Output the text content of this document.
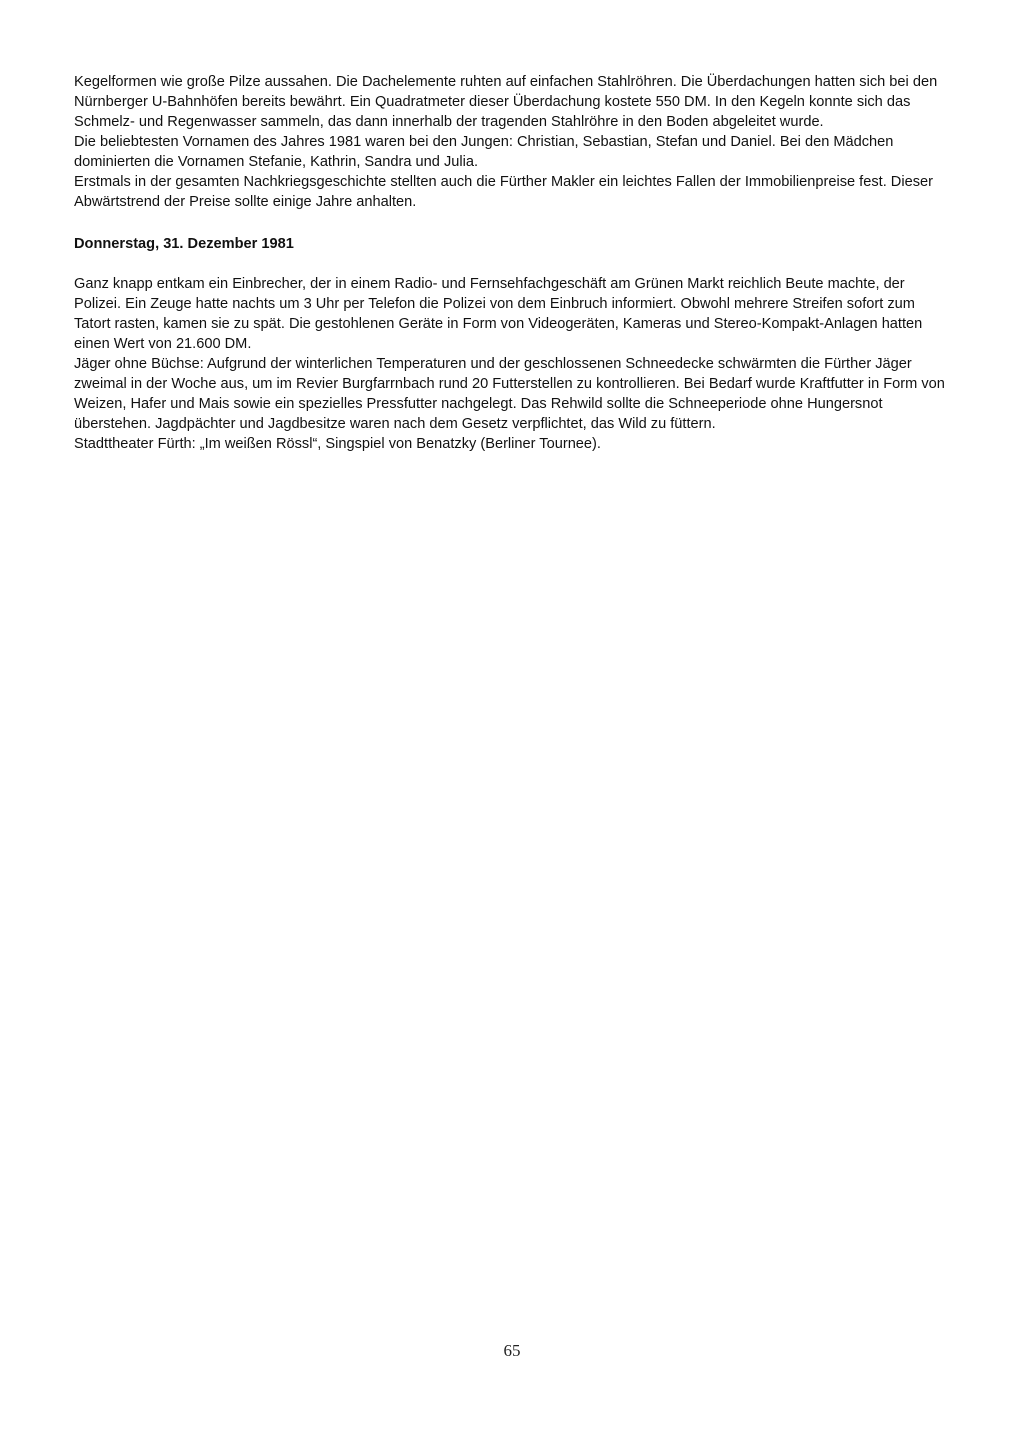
Kegelformen wie große Pilze aussahen. Die Dachelemente ruhten auf einfachen Stahlröhren. Die Überdachungen hatten sich bei den Nürnberger U-Bahnhöfen bereits bewährt. Ein Quadratmeter dieser Überdachung kostete 550 DM. In den Kegeln konnte sich das Schmelz- und Regenwasser sammeln, das dann innerhalb der tragenden Stahlröhre in den Boden abgeleitet wurde.

Die beliebtesten Vornamen des Jahres 1981 waren bei den Jungen: Christian, Sebastian, Stefan und Daniel. Bei den Mädchen dominierten die Vornamen Stefanie, Kathrin, Sandra und Julia.

Erstmals in der gesamten Nachkriegsgeschichte stellten auch die Fürther Makler ein leichtes Fallen der Immobilienpreise fest. Dieser Abwärtstrend der Preise sollte einige Jahre anhalten.

Donnerstag, 31. Dezember 1981

Ganz knapp entkam ein Einbrecher, der in einem Radio- und Fernsehfachgeschäft am Grünen Markt reichlich Beute machte, der Polizei. Ein Zeuge hatte nachts um 3 Uhr per Telefon die Polizei von dem Einbruch informiert. Obwohl mehrere Streifen sofort zum Tatort rasten, kamen sie zu spät. Die gestohlenen Geräte in Form von Videogeräten, Kameras und Stereo-Kompakt-Anlagen hatten einen Wert von 21.600 DM.

Jäger ohne Büchse: Aufgrund der winterlichen Temperaturen und der geschlossenen Schneedecke schwärmten die Fürther Jäger zweimal in der Woche aus, um im Revier Burgfarrnbach rund 20 Futterstellen zu kontrollieren. Bei Bedarf wurde Kraftfutter in Form von Weizen, Hafer und Mais sowie ein spezielles Pressfutter nachgelegt. Das Rehwild sollte die Schneeperiode ohne Hungersnot überstehen. Jagdpächter und Jagdbesitze waren nach dem Gesetz verpflichtet, das Wild zu füttern.

Stadttheater Fürth: „Im weißen Rössl“, Singspiel von Benatzky (Berliner Tournee).

65
